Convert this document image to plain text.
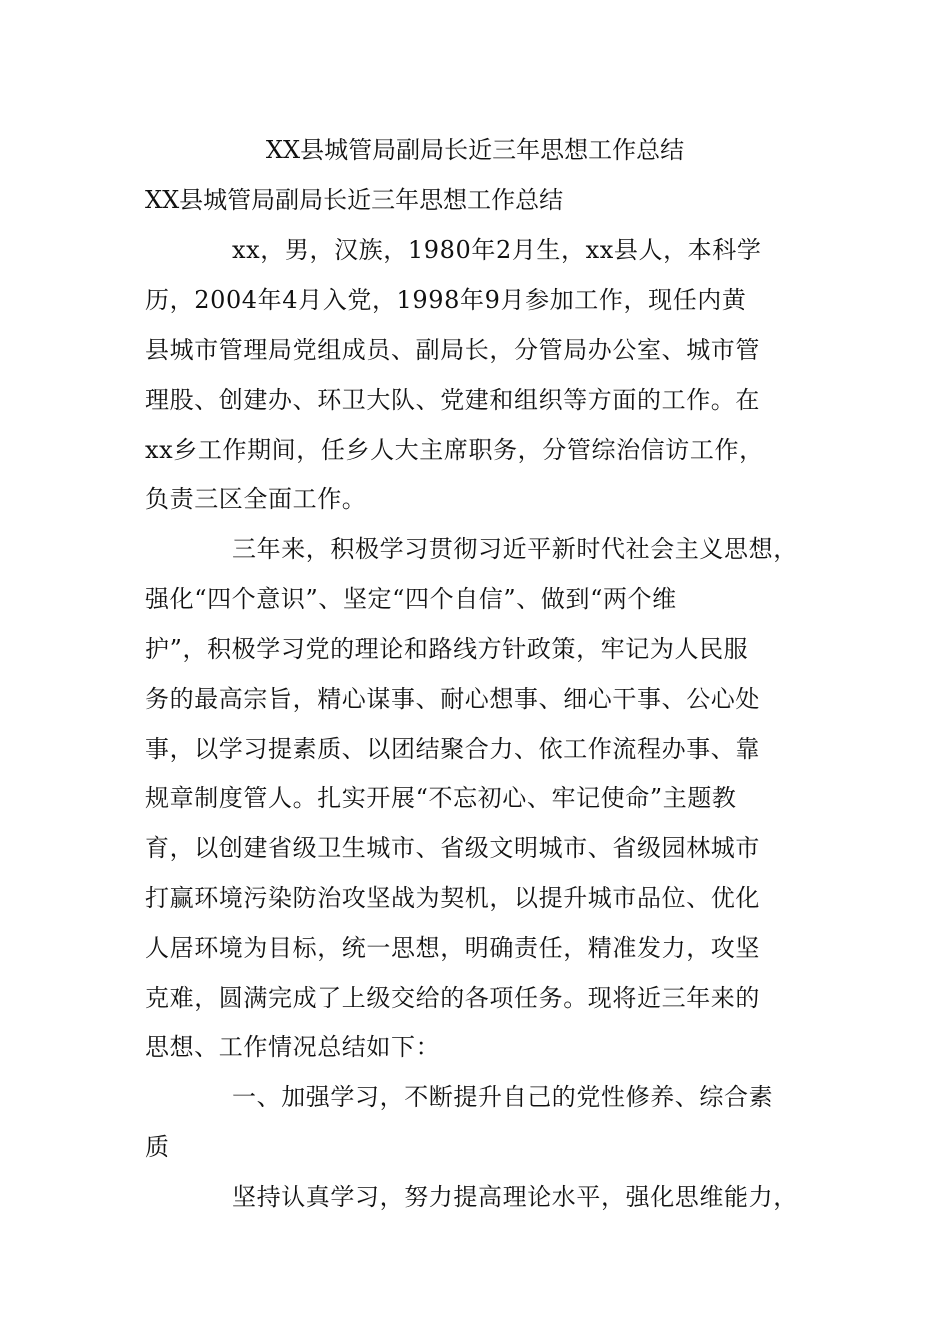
XX县城管局副局长近三年思想工作总结
XX县城管局副局长近三年思想工作总结
xx，男，汉族，1980年2月生，xx县人，本科学
历，2004年4月入党，1998年9月参加工作，现任内黄
县城市管理局党组成员、副局长，分管局办公室、城市管
理股、创建办、环卫大队、党建和组织等方面的工作。在
xx乡工作期间，任乡人大主席职务，分管综治信访工作，
负责三区全面工作。
三年来，积极学习贯彻习近平新时代社会主义思想，
强化“四个意识”、坚定“四个自信”、做到“两个维
护”，积极学习党的理论和路线方针政策，牢记为人民服
务的最高宗旨，精心谋事、耐心想事、细心干事、公心处
事，以学习提素质、以团结聚合力、依工作流程办事、靠
规章制度管人。扎实开展“不忘初心、牢记使命”主题教
育，以创建省级卫生城市、省级文明城市、省级园林城市
打赢环境污染防治攻坚战为契机，以提升城市品位、优化
人居环境为目标，统一思想，明确责任，精准发力，攻坚
克难，圆满完成了上级交给的各项任务。现将近三年来的
思想、工作情况总结如下：
一、加强学习，不断提升自己的党性修养、综合素
质
坚持认真学习，努力提高理论水平，强化思维能力，
